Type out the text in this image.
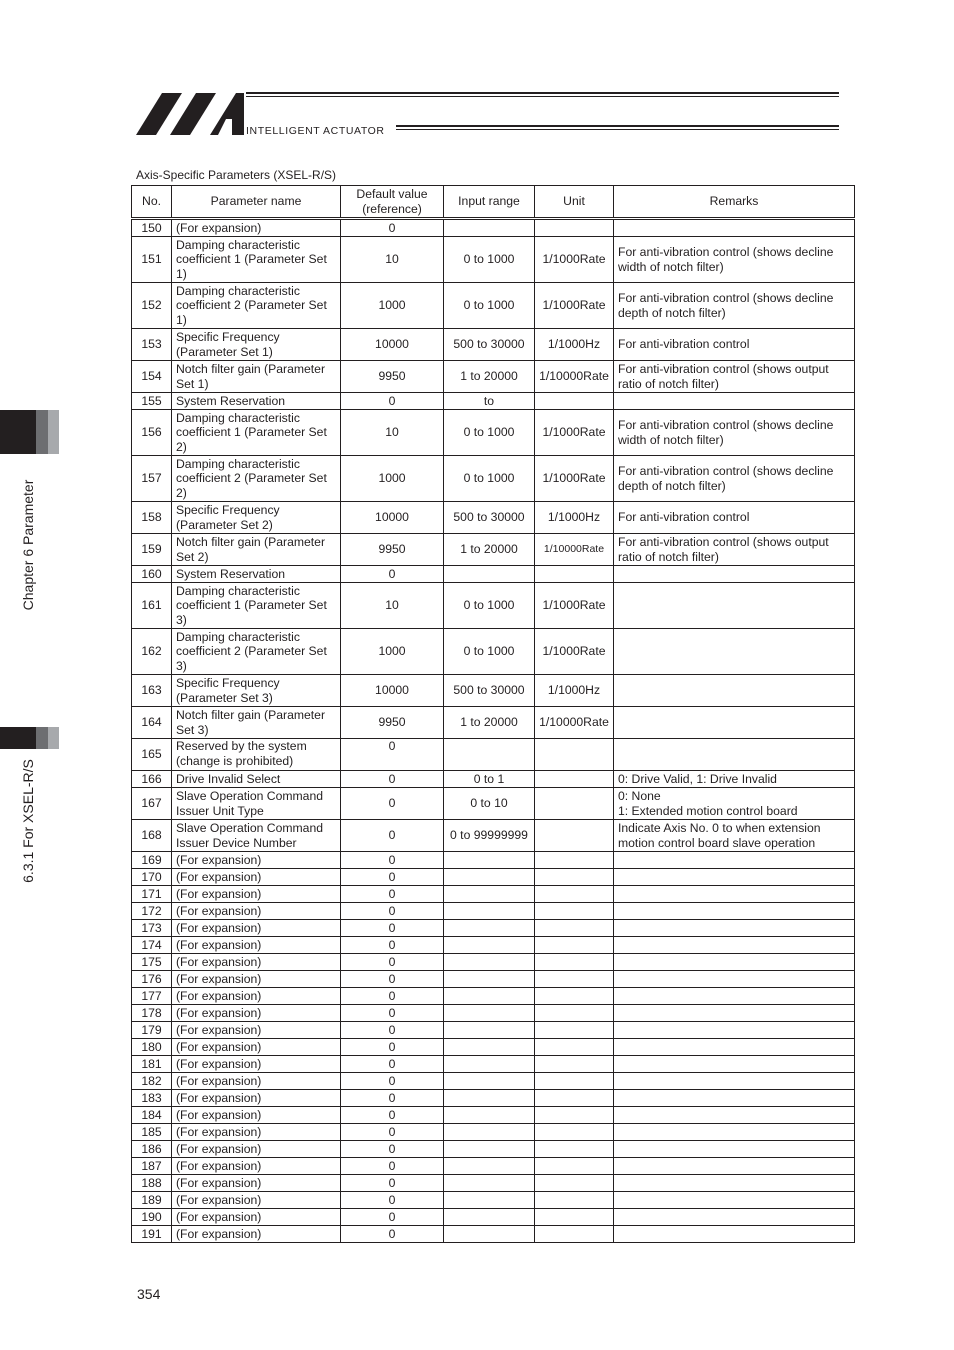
INTELLIGENT ACTUATOR
Chapter 6 Parameter
6.3.1 For XSEL-R/S
Axis-Specific Parameters (XSEL-R/S)
No.	Parameter name	Default value (reference)	Input range	Unit	Remarks
150	(For expansion)	0			
151	Damping characteristic coefficient 1 (Parameter Set 1)	10	0 to 1000	1/1000Rate	For anti-vibration control (shows decline width of notch filter)
152	Damping characteristic coefficient 2 (Parameter Set 1)	1000	0 to 1000	1/1000Rate	For anti-vibration control (shows decline depth of notch filter)
153	Specific Frequency (Parameter Set 1)	10000	500 to 30000	1/1000Hz	For anti-vibration control
154	Notch filter gain (Parameter Set 1)	9950	1 to 20000	1/10000Rate	For anti-vibration control (shows output ratio of notch filter)
155	System Reservation	0	to		
156	Damping characteristic coefficient 1 (Parameter Set 2)	10	0 to 1000	1/1000Rate	For anti-vibration control (shows decline width of notch filter)
157	Damping characteristic coefficient 2 (Parameter Set 2)	1000	0 to 1000	1/1000Rate	For anti-vibration control (shows decline depth of notch filter)
158	Specific Frequency (Parameter Set 2)	10000	500 to 30000	1/1000Hz	For anti-vibration control
159	Notch filter gain (Parameter Set 2)	9950	1 to 20000	1/10000Rate	For anti-vibration control (shows output ratio of notch filter)
160	System Reservation	0			
161	Damping characteristic coefficient 1 (Parameter Set 3)	10	0 to 1000	1/1000Rate	
162	Damping characteristic coefficient 2 (Parameter Set 3)	1000	0 to 1000	1/1000Rate	
163	Specific Frequency (Parameter Set 3)	10000	500 to 30000	1/1000Hz	
164	Notch filter gain (Parameter Set 3)	9950	1 to 20000	1/10000Rate	
165	Reserved by the system (change is prohibited)	0			
166	Drive Invalid Select	0	0 to 1		0: Drive Valid, 1: Drive Invalid
167	Slave Operation Command Issuer Unit Type	0	0 to 10		0: None
1: Extended motion control board
168	Slave Operation Command Issuer Device Number	0	0 to 99999999		Indicate Axis No. 0 to when extension motion control board slave operation
169	(For expansion)	0			
170	(For expansion)	0			
171	(For expansion)	0			
172	(For expansion)	0			
173	(For expansion)	0			
174	(For expansion)	0			
175	(For expansion)	0			
176	(For expansion)	0			
177	(For expansion)	0			
178	(For expansion)	0			
179	(For expansion)	0			
180	(For expansion)	0			
181	(For expansion)	0			
182	(For expansion)	0			
183	(For expansion)	0			
184	(For expansion)	0			
185	(For expansion)	0			
186	(For expansion)	0			
187	(For expansion)	0			
188	(For expansion)	0			
189	(For expansion)	0			
190	(For expansion)	0			
191	(For expansion)	0			
354
